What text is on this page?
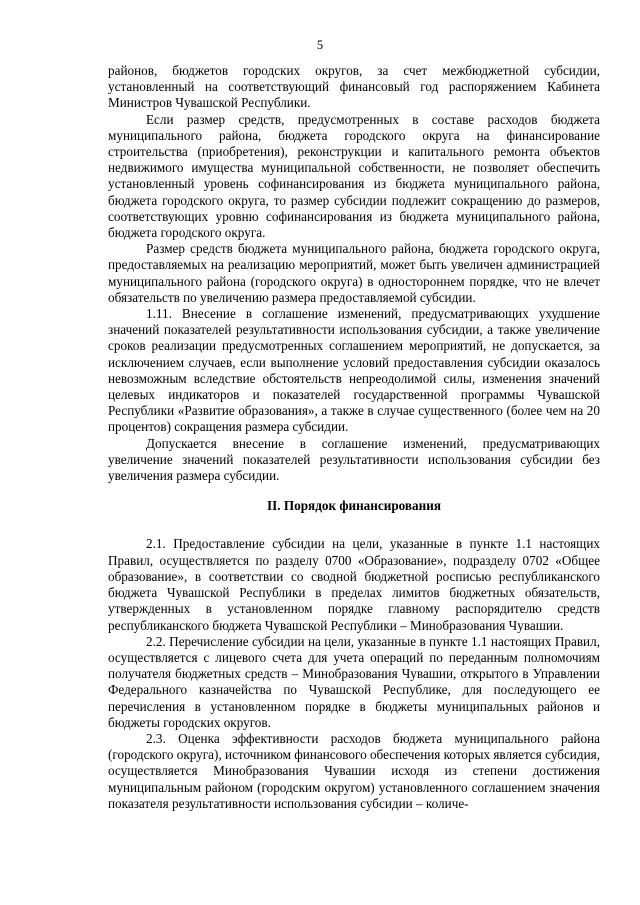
5

районов, бюджетов городских округов, за счет межбюджетной субсидии, установленный на соответствующий финансовый год распоряжением Кабинета Министров Чувашской Республики.

Если размер средств, предусмотренных в составе расходов бюджета муниципального района, бюджета городского округа на финансирование строительства (приобретения), реконструкции и капитального ремонта объектов недвижимого имущества муниципальной собственности, не позволяет обеспечить установленный уровень софинансирования из бюджета муниципального района, бюджета городского округа, то размер субсидии подлежит сокращению до размеров, соответствующих уровню софинансирования из бюджета муниципального района, бюджета городского округа.

Размер средств бюджета муниципального района, бюджета городского округа, предоставляемых на реализацию мероприятий, может быть увеличен администрацией муниципального района (городского округа) в одностороннем порядке, что не влечет обязательств по увеличению размера предоставляемой субсидии.

1.11. Внесение в соглашение изменений, предусматривающих ухудшение значений показателей результативности использования субсидии, а также увеличение сроков реализации предусмотренных соглашением мероприятий, не допускается, за исключением случаев, если выполнение условий предоставления субсидии оказалось невозможным вследствие обстоятельств непреодолимой силы, изменения значений целевых индикаторов и показателей государственной программы Чувашской Республики «Развитие образования», а также в случае существенного (более чем на 20 процентов) сокращения размера субсидии.

Допускается внесение в соглашение изменений, предусматривающих увеличение значений показателей результативности использования субсидии без увеличения размера субсидии.

II. Порядок финансирования

2.1. Предоставление субсидии на цели, указанные в пункте 1.1 настоящих Правил, осуществляется по разделу 0700 «Образование», подразделу 0702 «Общее образование», в соответствии со сводной бюджетной росписью республиканского бюджета Чувашской Республики в пределах лимитов бюджетных обязательств, утвержденных в установленном порядке главному распорядителю средств республиканского бюджета Чувашской Республики – Минобразования Чувашии.

2.2. Перечисление субсидии на цели, указанные в пункте 1.1 настоящих Правил, осуществляется с лицевого счета для учета операций по переданным полномочиям получателя бюджетных средств – Минобразования Чувашии, открытого в Управлении Федерального казначейства по Чувашской Республике, для последующего ее перечисления в установленном порядке в бюджеты муниципальных районов и бюджеты городских округов.

2.3. Оценка эффективности расходов бюджета муниципального района (городского округа), источником финансового обеспечения которых является субсидия, осуществляется Минобразования Чувашии исходя из степени достижения муниципальным районом (городским округом) установленного соглашением значения показателя результативности использования субсидии – количе-
